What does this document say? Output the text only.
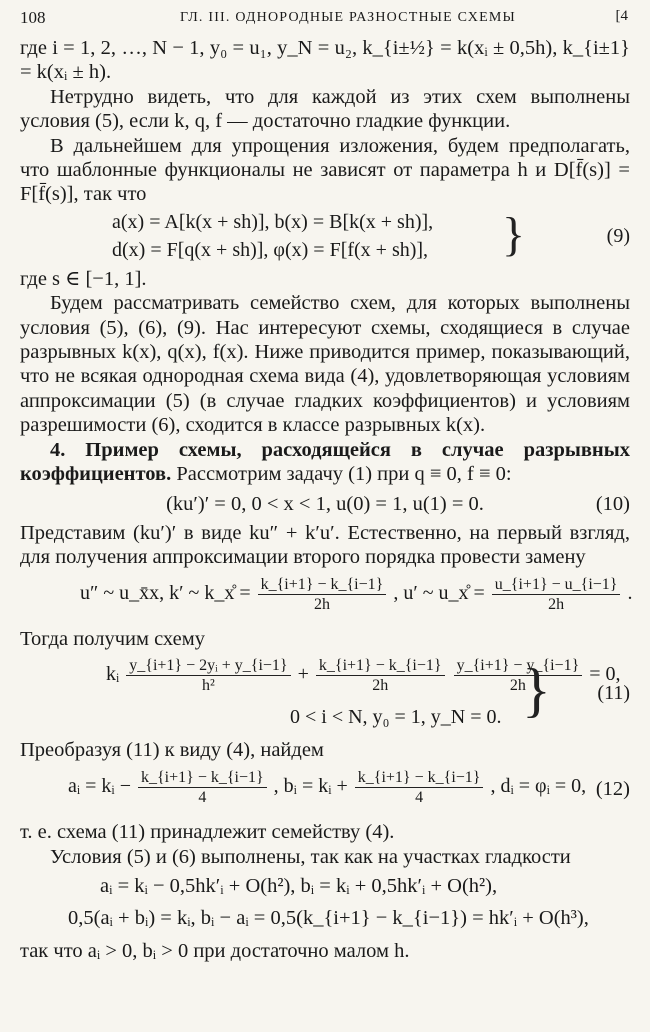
108	ГЛ. III. ОДНОРОДНЫЕ РАЗНОСТНЫЕ СХЕМЫ	[4

где i = 1, 2, …, N − 1, y₀ = u₁, y_N = u₂, k_{i±½} = k(xᵢ ± 0,5h), k_{i±1} = k(xᵢ ± h).

Нетрудно видеть, что для каждой из этих схем выполнены условия (5), если k, q, f — достаточно гладкие функции.

В дальнейшем для упрощения изложения, будем предполагать, что шаблонные функционалы не зависят от параметра h и D[f̄(s)] = F[f̄(s)], так что

a(x) = A[k(x + sh)], b(x) = B[k(x + sh)],
d(x) = F[q(x + sh)], φ(x) = F[f(x + sh)], }	(9)

где s ∈ [−1, 1].

Будем рассматривать семейство схем, для которых выполнены условия (5), (6), (9). Нас интересуют схемы, сходящиеся в случае разрывных k(x), q(x), f(x). Ниже приводится пример, показывающий, что не всякая однородная схема вида (4), удовлетворяющая условиям аппроксимации (5) (в случае гладких коэффициентов) и условиям разрешимости (6), сходится в классе разрывных k(x).

4. Пример схемы, расходящейся в случае разрывных коэффициентов. Рассмотрим задачу (1) при q ≡ 0, f ≡ 0:

(ku′)′ = 0, 0 < x < 1, u(0) = 1, u(1) = 0.	(10)

Представим (ku′)′ в виде ku″ + k′u′. Естественно, на первый взгляд, для получения аппроксимации второго порядка провести замену

u″ ~ u_x̄x, k′ ~ k_x̊ = $\frac{k\_\{i+1\} - k\_\{i-1\}}{2h}$ , u′ ~ u_x̊ = $\frac{u\_\{i+1\} - u\_\{i-1\}}{2h}$ .

Тогда получим схему

kᵢ $\frac{\text{y\_\{i+1\} − 2yᵢ + y\_\{i−1\}}}{\text{h²}} + \frac{k\_\{i+1\} - k\_\{i-1\}}{2h}$
$\frac{y\_\{i+1\} - y\_\{i-1\}}{2h} = 0$,
0 < i < N, y₀ = 1, y_N = 0. } (11)

Преобразуя (11) к виду (4), найдем

aᵢ = kᵢ − $\frac{k\_\{i+1\} - k\_\{i-1\}}{4}$ , bᵢ = kᵢ + $\frac{k\_\{i+1\} - k\_\{i-1\}}{4}$ , dᵢ = φᵢ = 0, (12)

т. е. схема (11) принадлежит семейству (4).

Условия (5) и (6) выполнены, так как на участках гладкости

aᵢ = kᵢ − 0,5hk′ᵢ + O(h²), bᵢ = kᵢ + 0,5hk′ᵢ + O(h²),
0,5(aᵢ + bᵢ) = kᵢ, bᵢ − aᵢ = 0,5(k_{i+1} − k_{i−1}) = hk′ᵢ + O(h³),

так что aᵢ > 0, bᵢ > 0 при достаточно малом h.
